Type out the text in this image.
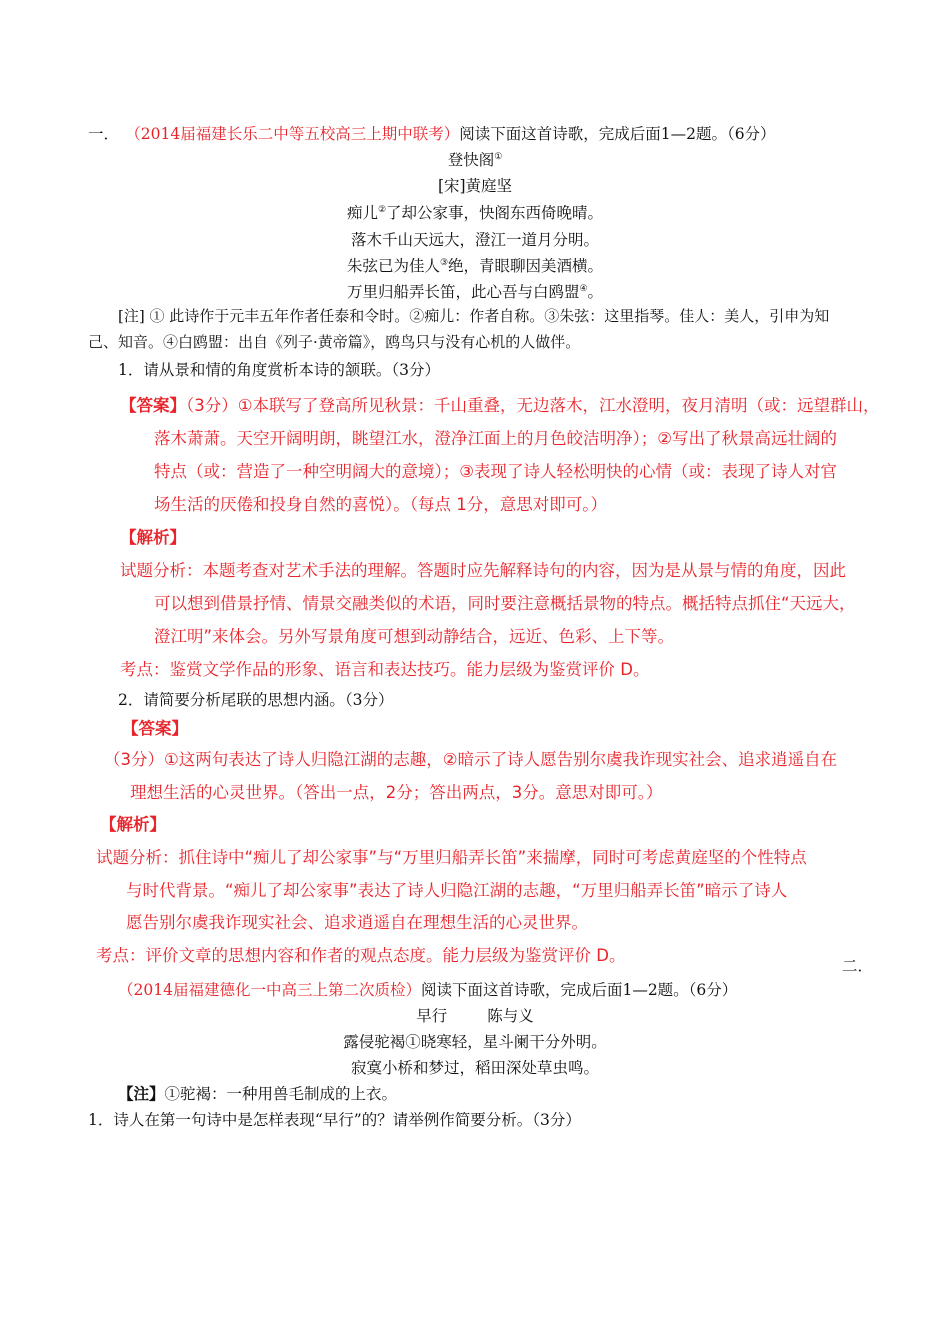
一． （2014届福建长乐二中等五校高三上期中联考）阅读下面这首诗歌，完成后面1—2题。（6分）
登快阁①
[宋]黄庭坚
痴儿②了却公家事，快阁东西倚晚晴。
落木千山天远大，澄江一道月分明。
朱弦已为佳人③绝，青眼聊因美酒横。
万里归船弄长笛，此心吾与白鸥盟④。
[注] ① 此诗作于元丰五年作者任泰和令时。②痴儿：作者自称。③朱弦：这里指琴。佳人：美人，引申为知
己、知音。④白鸥盟：出自《列子·黄帝篇》，鸥鸟只与没有心机的人做伴。
1．请从景和情的角度赏析本诗的颔联。（3分）
【答案】（3分）①本联写了登高所见秋景：千山重叠，无边落木，江水澄明，夜月清明（或：远望群山，
落木萧萧。天空开阔明朗，眺望江水，澄净江面上的月色皎洁明净）；②写出了秋景高远壮阔的
特点（或：营造了一种空明阔大的意境）；③表现了诗人轻松明快的心情（或：表现了诗人对官
场生活的厌倦和投身自然的喜悦）。（每点 1分，意思对即可。）
【解析】
试题分析：本题考查对艺术手法的理解。答题时应先解释诗句的内容，因为是从景与情的角度，因此
可以想到借景抒情、情景交融类似的术语，同时要注意概括景物的特点。概括特点抓住“天远大，
澄江明”来体会。另外写景角度可想到动静结合，远近、色彩、上下等。
考点：鉴赏文学作品的形象、语言和表达技巧。能力层级为鉴赏评价 D。
2．请简要分析尾联的思想内涵。（3分）
【答案】
（3分）①这两句表达了诗人归隐江湖的志趣，②暗示了诗人愿告别尔虞我诈现实社会、追求逍遥自在
理想生活的心灵世界。（答出一点，2分；答出两点，3分。意思对即可。）
【解析】
试题分析：抓住诗中“痴儿了却公家事”与“万里归船弄长笛”来揣摩，同时可考虑黄庭坚的个性特点
与时代背景。“痴儿了却公家事”表达了诗人归隐江湖的志趣，“万里归船弄长笛”暗示了诗人
愿告别尔虞我诈现实社会、追求逍遥自在理想生活的心灵世界。
考点：评价文章的思想内容和作者的观点态度。能力层级为鉴赏评价 D。
二．
（2014届福建德化一中高三上第二次质检）阅读下面这首诗歌，完成后面1—2题。（6分）
早行	陈与义
露侵驼褐①晓寒轻，星斗阑干分外明。
寂寞小桥和梦过，稻田深处草虫鸣。
【注】①驼褐：一种用兽毛制成的上衣。
1．诗人在第一句诗中是怎样表现“早行”的？请举例作简要分析。（3分）
